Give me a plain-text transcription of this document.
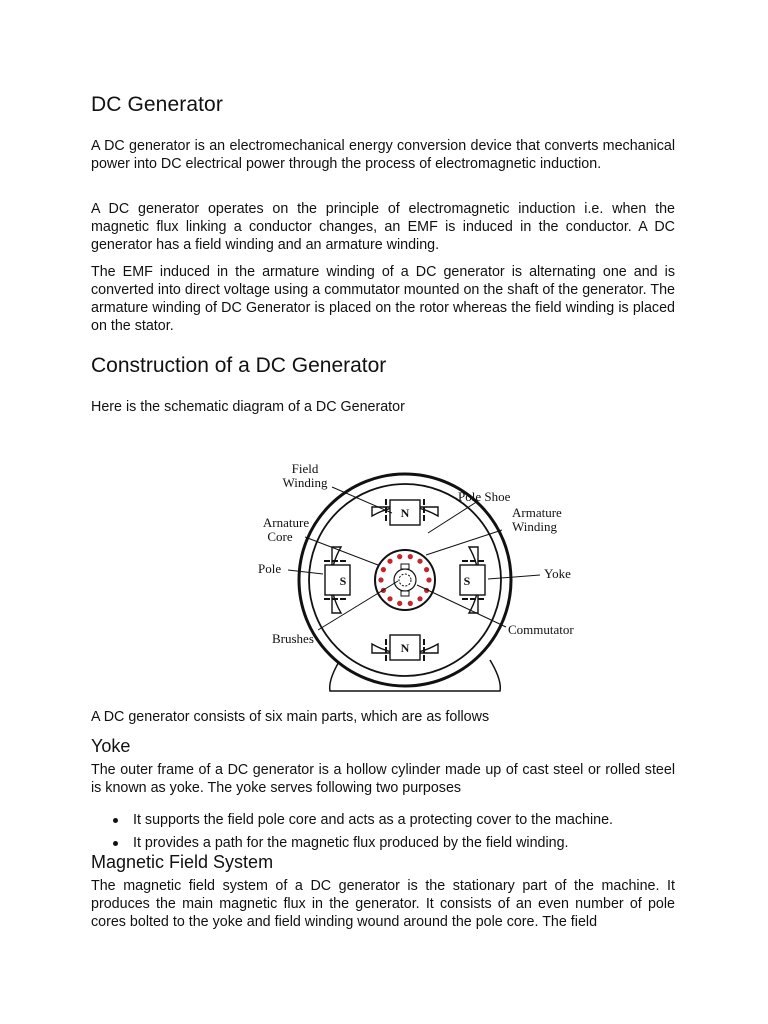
DC Generator

A DC generator is an electromechanical energy conversion device that converts mechanical power into DC electrical power through the process of electromagnetic induction.

A DC generator operates on the principle of electromagnetic induction i.e. when the magnetic flux linking a conductor changes, an EMF is induced in the conductor. A DC generator has a field winding and an armature winding.

The EMF induced in the armature winding of a DC generator is alternating one and is converted into direct voltage using a commutator mounted on the shaft of the generator. The armature winding of DC Generator is placed on the rotor whereas the field winding is placed on the stator.

Construction of a DC Generator

Here is the schematic diagram of a DC Generator

N
N
S	S
Field
Winding
Pole Shoe
Armature
Winding
Arnature
Core
Pole	Yoke
Brushes
Commutator

A DC generator consists of six main parts, which are as follows

Yoke

The outer frame of a DC generator is a hollow cylinder made up of cast steel or rolled steel is known as yoke. The yoke serves following two purposes

It supports the field pole core and acts as a protecting cover to the machine.
It provides a path for the magnetic flux produced by the field winding.
Magnetic Field System

The magnetic field system of a DC generator is the stationary part of the machine. It produces the main magnetic flux in the generator. It consists of an even number of pole cores bolted to the yoke and field winding wound around the pole core. The field
